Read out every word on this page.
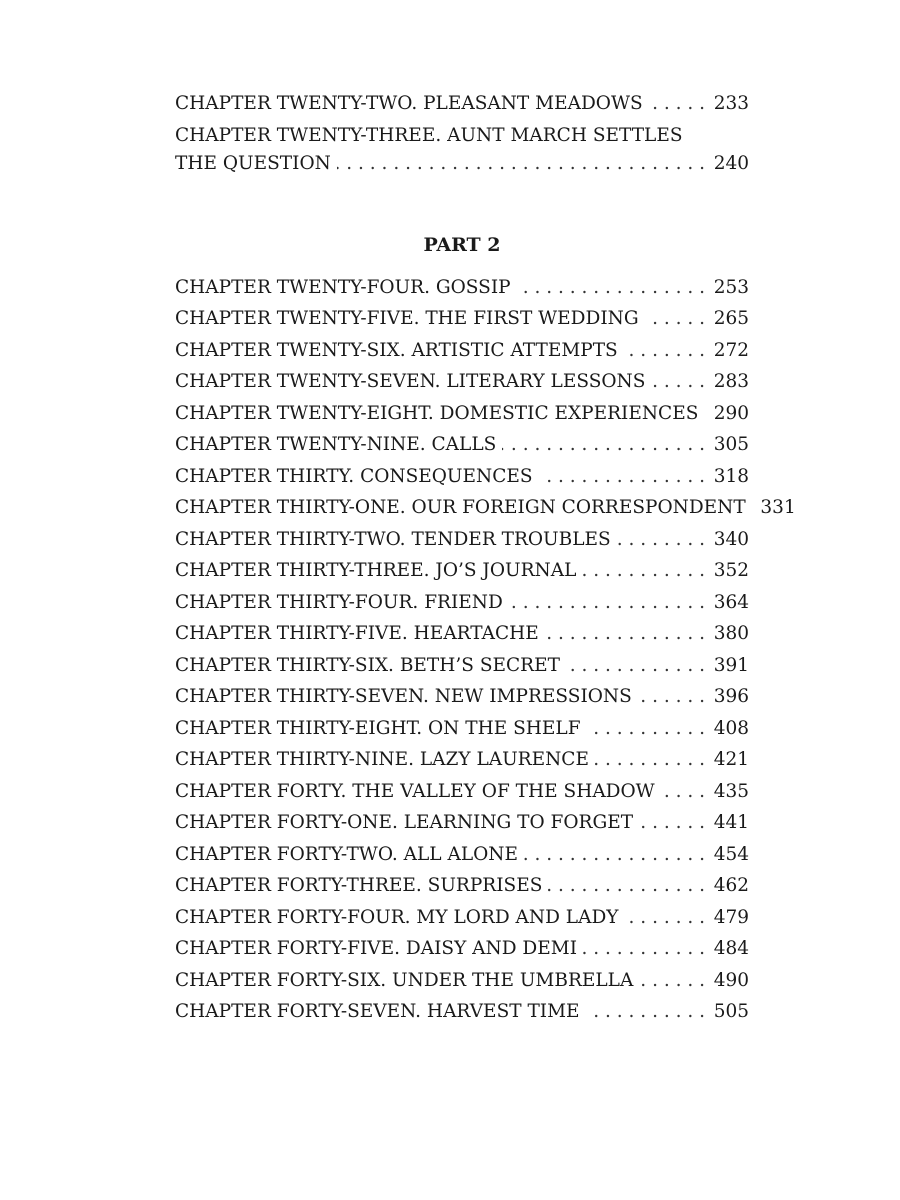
CHAPTER TWENTY-TWO. PLEASANT MEADOWS . . .	233
CHAPTER TWENTY-THREE. AUNT MARCH SETTLES
THE QUESTION . . .	240
PART 2
CHAPTER TWENTY-FOUR. GOSSIP . . .	253
CHAPTER TWENTY-FIVE. THE FIRST WEDDING . . .	265
CHAPTER TWENTY-SIX. ARTISTIC ATTEMPTS . . .	272
CHAPTER TWENTY-SEVEN. LITERARY LESSONS . . .	283
CHAPTER TWENTY-EIGHT. DOMESTIC EXPERIENCES . . . 290
CHAPTER TWENTY-NINE. CALLS . . .	305
CHAPTER THIRTY. CONSEQUENCES . . .	318
CHAPTER THIRTY-ONE. OUR FOREIGN CORRESPONDENT 331
CHAPTER THIRTY-TWO. TENDER TROUBLES . . .	340
CHAPTER THIRTY-THREE. JO’S JOURNAL . . .	352
CHAPTER THIRTY-FOUR. FRIEND . . .	364
CHAPTER THIRTY-FIVE. HEARTACHE . . .	380
CHAPTER THIRTY-SIX. BETH’S SECRET . . .	391
CHAPTER THIRTY-SEVEN. NEW IMPRESSIONS . . .	396
CHAPTER THIRTY-EIGHT. ON THE SHELF . . .	408
CHAPTER THIRTY-NINE. LAZY LAURENCE . . .	421
CHAPTER FORTY. THE VALLEY OF THE SHADOW . . .	435
CHAPTER FORTY-ONE. LEARNING TO FORGET . . .	441
CHAPTER FORTY-TWO. ALL ALONE . . .	454
CHAPTER FORTY-THREE. SURPRISES . . .	462
CHAPTER FORTY-FOUR. MY LORD AND LADY . . .	479
CHAPTER FORTY-FIVE. DAISY AND DEMI . . .	484
CHAPTER FORTY-SIX. UNDER THE UMBRELLA . . .	490
CHAPTER FORTY-SEVEN. HARVEST TIME . . .	505
